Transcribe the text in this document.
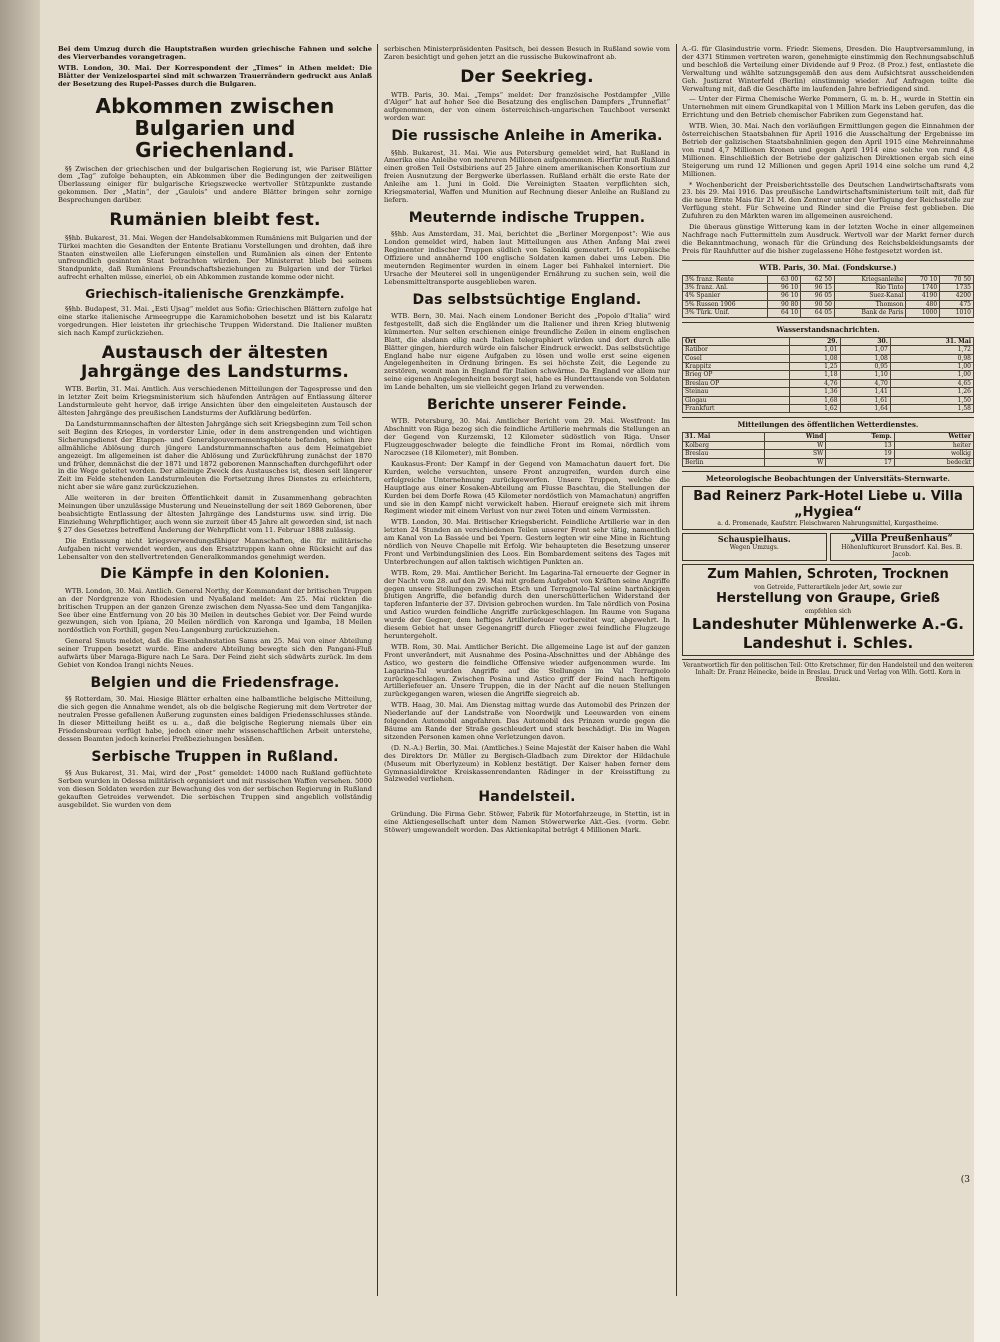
Bei dem Umzug durch die Hauptstraßen wurden griechische Fahnen und solche des Vierverbandes vorangetragen.

WTB. London, 30. Mai. Der Korrespondent der „Times“ in Athen meldet: Die Blätter der Venizelospartei sind mit schwarzen Trauerrändern gedruckt aus Anlaß der Besetzung des Rupel-Passes durch die Bulgaren.

Abkommen zwischen Bulgarien und Griechenland.

§§ Zwischen der griechischen und der bulgarischen Regierung ist, wie Pariser Blätter dem „Tag“ zufolge behaupten, ein Abkommen über die Bedingungen der zeitweiligen Überlassung einiger für bulgarische Kriegszwecke wertvoller Stützpunkte zustande gekommen. Der „Matin“, der „Gaulois“ und andere Blätter bringen sehr zornige Besprechungen darüber.

Rumänien bleibt fest.

§§hb. Bukarest, 31. Mai. Wegen der Handelsabkommen Rumäniens mit Bulgarien und der Türkei machten die Gesandten der Entente Bratianu Vorstellungen und drohten, daß ihre Staaten einstweilen alle Lieferungen einstellen und Rumänien als einen der Entente unfreundlich gesinnten Staat betrachten würden. Der Ministerrat blieb bei seinem Standpunkte, daß Rumäniens Freundschaftsbeziehungen zu Bulgarien und der Türkei aufrecht erhalten müsse, einerlei, ob ein Abkommen zustande komme oder nicht.

Griechisch-italienische Grenzkämpfe.

§§hb. Budapest, 31. Mai. „Esti Ujsag“ meldet aus Sofia: Griechischen Blättern zufolge hat eine starke italienische Armeegruppe die Karamichobohen besetzt und ist bis Kalaratz vorgedrungen. Hier leisteten ihr griechische Truppen Widerstand. Die Italiener mußten sich nach Kampf zurückziehen.

Austausch der ältesten Jahrgänge des Landsturms.

WTB. Berlin, 31. Mai. Amtlich. Aus verschiedenen Mitteilungen der Tagespresse und den in letzter Zeit beim Kriegsministerium sich häufenden Anträgen auf Entlassung älterer Landsturmleute geht hervor, daß irrige Ansichten über den eingeleiteten Austausch der ältesten Jahrgänge des preußischen Landsturms der Aufklärung bedürfen.

Da Landsturmmannschaften der ältesten Jahrgänge sich seit Kriegsbeginn zum Teil schon seit Beginn des Krieges, in vorderster Linie, oder in dem anstrengenden und wichtigen Sicherungsdienst der Etappen- und Generalgouvernementsgebiete befanden, schien ihre allmähliche Ablösung durch jüngere Landsturmmannschaften aus dem Heimatgebiet angezeigt. Im allgemeinen ist daher die Ablösung und Zurückführung zunächst der 1870 und früher, demnächst die der 1871 und 1872 geborenen Mannschaften durchgeführt oder in die Wege geleitet worden. Der alleinige Zweck des Austausches ist, diesen seit längerer Zeit im Felde stehenden Landsturmleuten die Fortsetzung ihres Dienstes zu erleichtern, nicht aber sie wäre ganz zurückzuziehen.

Alle weiteren in der breiten Öffentlichkeit damit in Zusammenhang gebrachten Meinungen über unzulässige Musterung und Neueinstellung der seit 1869 Geborenen, über beabsichtigte Entlassung der ältesten Jahrgänge des Landsturms usw. sind irrig. Die Einziehung Wehrpflichtiger, auch wenn sie zurzeit über 45 Jahre alt geworden sind, ist nach § 27 des Gesetzes betreffend Änderung der Wehrpflicht vom 11. Februar 1888 zulässig.

Die Entlassung nicht kriegsverwendungsfähiger Mannschaften, die für militärische Aufgaben nicht verwendet werden, aus den Ersatztruppen kann ohne Rücksicht auf das Lebensalter von den stellvertretenden Generalkommandos genehmigt werden.

Die Kämpfe in den Kolonien.

WTB. London, 30. Mai. Amtlich. General Northy, der Kommandant der britischen Truppen an der Nordgrenze von Rhodesien und Nyaßaland meldet: Am 25. Mai rückten die britischen Truppen an der ganzen Grenze zwischen dem Nyassa-See und dem Tanganjika-See über eine Entfernung von 20 bis 30 Meilen in deutsches Gebiet vor. Der Feind wurde gezwungen, sich von Ipiana, 20 Meilen nördlich von Karonga und Igamba, 18 Meilen nordöstlich von Forthill, gegen Neu-Langenburg zurückzuziehen.

General Smuts meldet, daß die Eisenbahnstation Sams am 25. Mai von einer Abteilung seiner Truppen besetzt wurde. Eine andere Abteilung bewegte sich den Pangani-Fluß aufwärts über Maraga-Bigure nach Le Sara. Der Feind zieht sich südwärts zurück. Im dem Gebiet von Kondoa Irangi nichts Neues.

Belgien und die Friedensfrage.

§§ Rotterdam, 30. Mai. Hiesige Blätter erhalten eine halbamtliche belgische Mitteilung, die sich gegen die Annahme wendet, als ob die belgische Regierung mit dem Vertreter der neutralen Presse gefallenen Äußerung zugunsten eines baldigen Friedensschlusses stände. In dieser Mitteilung heißt es u. a., daß die belgische Regierung niemals über ein Friedensbureau verfügt habe, jedoch einer mehr wissenschaftlichen Arbeit unterstehe, dessen Beamten jedoch keinerlei Preßbeziehungen besäßen.

Serbische Truppen in Rußland.

§§ Aus Bukarest, 31. Mai, wird der „Post“ gemeldet: 14000 nach Rußland geflüchtete Serben wurden in Odessa militärisch organisiert und mit russischen Waffen versehen. 5000 von diesen Soldaten werden zur Bewachung des von der serbischen Regierung in Rußland gekauften Getreides verwendet. Die serbischen Truppen sind angeblich vollständig ausgebildet. Sie wurden von dem

serbischen Ministerpräsidenten Pasitsch, bei dessen Besuch in Rußland sowie vom Zaren besichtigt und gehen jetzt an die russische Bukowinafront ab.

Der Seekrieg.

WTB. Paris, 30. Mai. „Temps“ meldet: Der französische Postdampfer „Ville d'Alger“ hat auf hoher See die Besatzung des englischen Dampfers „Trunnefiat“ aufgenommen, der von einem österreichisch-ungarischen Tauchboot versenkt worden war.

Die russische Anleihe in Amerika.

§§hb. Bukarest, 31. Mai. Wie aus Petersburg gemeldet wird, hat Rußland in Amerika eine Anleihe von mehreren Millionen aufgenommen. Hierfür muß Rußland einen großen Teil Ostsibiriens auf 25 Jahre einem amerikanischen Konsortium zur freien Ausnutzung der Bergwerke überlassen. Rußland erhält die erste Rate der Anleihe am 1. Juni in Gold. Die Vereinigten Staaten verpflichten sich, Kriegsmaterial, Waffen und Munition auf Rechnung dieser Anleihe an Rußland zu liefern.

Meuternde indische Truppen.

§§hb. Aus Amsterdam, 31. Mai, berichtet die „Berliner Morgenpost“: Wie aus London gemeldet wird, haben laut Mitteilungen aus Athen Anfang Mai zwei Regimenter indischer Truppen südlich von Saloniki gemeutert. 16 europäische Offiziere und annähernd 100 englische Soldaten kamen dabei ums Leben. Die meuternden Regimenter wurden in einem Lager bei Fahhakel interniert. Die Ursache der Meuterei soll in ungenügender Ernährung zu suchen sein, weil die Lebensmitteltransporte ausgeblieben waren.

Das selbstsüchtige England.

WTB. Bern, 30. Mai. Nach einem Londoner Bericht des „Popolo d'Italia“ wird festgestellt, daß sich die Engländer um die Italiener und ihren Krieg blutwenig kümmerten. Nur selten erschienen einige freundliche Zeilen in einem englischen Blatt, die alsdann eilig nach Italien telegraphiert würden und dort durch alle Blätter gingen, hierdurch würde ein falscher Eindruck erweckt. Das selbstsüchtige England habe nur eigene Aufgaben zu lösen und wolle erst seine eigenen Angelegenheiten in Ordnung bringen. Es sei höchste Zeit, die Legende zu zerstören, womit man in England für Italien schwärme. Da England vor allem nur seine eigenen Angelegenheiten besorgt sei, habe es Hunderttausende von Soldaten im Lande behalten, um sie vielleicht gegen Irland zu verwenden.

Berichte unserer Feinde.

WTB. Petersburg, 30. Mai. Amtlicher Bericht vom 29. Mai. Westfront: Im Abschnitt von Riga bezog sich die feindliche Artillerie mehrmals die Stellungen an der Gegend von Kurzemski, 12 Kilometer südöstlich von Riga. Unser Flugzeuggeschwader belegte die feindliche Front im Romai, nördlich vom Naroczsee (18 Kilometer), mit Bomben.

Kaukasus-Front: Der Kampf in der Gegend von Mamachatun dauert fort. Die Kurden, welche versuchten, unsere Front anzugreifen, wurden durch eine erfolgreiche Unternehmung zurückgeworfen. Unsere Truppen, welche die Hauptlage aus einer Kosaken-Abteilung am Flusse Baschtau, die Stellungen der Kurden bei dem Dorfe Rowa (45 Kilometer nordöstlich von Mamachatun) angriffen und sie in den Kampf nicht verwickelt haben. Hierauf ereignete sich mit ihrem Regiment wieder mit einem Verlust von nur zwei Toten und einem Vermissten.

WTB. London, 30. Mai. Britischer Kriegsbericht. Feindliche Artillerie war in den letzten 24 Stunden an verschiedenen Teilen unserer Front sehr tätig, namentlich am Kanal von La Bassée und bei Ypern. Gestern legten wir eine Mine in Richtung nördlich von Neuve Chapelle mit Erfolg. Wir behaupteten die Besetzung unserer Front und Verbindungslinien des Loos. Ein Bombardement seitens des Tages mit Unterbrechungen auf allen taktisch wichtigen Punkten an.

WTB. Rom, 29. Mai. Amtlicher Bericht. Im Lagarina-Tal erneuerte der Gegner in der Nacht vom 28. auf den 29. Mai mit großem Aufgebot von Kräften seine Angriffe gegen unsere Stellungen zwischen Etsch und Terragnolo-Tal seine hartnäckigen blutigen Angriffe, die befandig durch den unerschütterlichen Widerstand der tapferen Infanterie der 37. Division gebrochen wurden. Im Tale nördlich von Posina und Astico wurden feindliche Angriffe zurückgeschlagen. Im Raume von Sugana wurde der Gegner, dem heftiges Artilleriefeuer vorbereitet war, abgewehrt. In diesem Gebiet hat unser Gegenangriff durch Flieger zwei feindliche Flugzeuge heruntergeholt.

WTB. Rom, 30. Mai. Amtlicher Bericht. Die allgemeine Lage ist auf der ganzen Front unverändert, mit Ausnahme des Posina-Abschnittes und der Abhänge des Astico, wo gestern die feindliche Offensive wieder aufgenommen wurde. Im Lagarina-Tal wurden Angriffe auf die Stellungen im Val Terragnolo zurückgeschlagen. Zwischen Posina und Astico griff der Feind nach heftigem Artilleriefeuer an. Unsere Truppen, die in der Nacht auf die neuen Stellungen zurückgegangen waren, wiesen die Angriffe siegreich ab.

WTB. Haag, 30. Mai. Am Dienstag mittag wurde das Automobil des Prinzen der Niederlande auf der Landstraße von Noordwijk und Leeuwarden von einem folgenden Automobil angefahren. Das Automobil des Prinzen wurde gegen die Bäume am Rande der Straße geschleudert und stark beschädigt. Die im Wagen sitzenden Personen kamen ohne Verletzungen davon.

(D. N.-A.) Berlin, 30. Mai. (Amtliches.) Seine Majestät der Kaiser haben die Wahl des Direktors Dr. Müller zu Bergisch-Gladbach zum Direktor der Hildachule (Museum mit Oberlyzeum) in Koblenz bestätigt. Der Kaiser haben ferner dem Gymnasialdirektor Kreiskassenrendanten Rädinger in der Kreisstiftung zu Salzwedel verliehen.

Handelsteil.

Gründung. Die Firma Gebr. Stöwer, Fabrik für Motorfahrzeuge, in Stettin, ist in eine Aktiengesellschaft unter dem Namen Stöwerwerke Akt.-Ges. (vorm. Gebr. Stöwer) umgewandelt worden. Das Aktienkapital beträgt 4 Millionen Mark.

A.-G. für Glasindustrie vorm. Friedr. Siemens, Dresden. Die Hauptversammlung, in der 4371 Stimmen vertreten waren, genehmigte einstimmig den Rechnungsabschluß und beschloß die Verteilung einer Dividende auf 9 Proz. (8 Proz.) fest, entlastete die Verwaltung und wählte satzungsgemäß den aus dem Aufsichtsrat ausscheidenden Geh. Justizrat Winterfeld (Berlin) einstimmig wieder. Auf Anfragen teilte die Verwaltung mit, daß die Geschäfte im laufenden Jahre befriedigend sind.

— Unter der Firma Chemische Werke Pommern, G. m. b. H., wurde in Stettin ein Unternehmen mit einem Grundkapital von 1 Million Mark ins Leben gerufen, das die Errichtung und den Betrieb chemischer Fabriken zum Gegenstand hat.

WTB. Wien, 30. Mai. Nach den vorläufigen Ermittlungen gegen die Einnahmen der österreichischen Staatsbahnen für April 1916 die Ausschaltung der Ergebnisse im Betrieb der galizischen Staatsbahnlinien gegen den April 1915 eine Mehreinnahme von rund 4,7 Millionen Kronen und gegen April 1914 eine solche von rund 4,8 Millionen. Einschließlich der Betriebe der galizischen Direktionen ergab sich eine Steigerung um rund 12 Millionen und gegen April 1914 eine solche um rund 4,2 Millionen.

* Wochenbericht der Preisberichtsstelle des Deutschen Landwirtschaftsrats vom 23. bis 29. Mai 1916. Das preußische Landwirtschaftsministerium teilt mit, daß für die neue Ernte Mais für 21 M. den Zentner unter der Verfügung der Reichsstelle zur Verfügung steht. Für Schweine und Rinder sind die Preise fest geblieben. Die Zufuhren zu den Märkten waren im allgemeinen ausreichend.

Die überaus günstige Witterung kam in der letzten Woche in einer allgemeinen Nachfrage nach Futtermitteln zum Ausdruck. Wertvoll war der Markt ferner durch die Bekanntmachung, wonach für die Gründung des Reichsbekleidungsamts der Preis für Rauhfutter auf die bisher zugelassene Höhe festgesetzt worden ist.

WTB. Paris, 30. Mai. (Fondskurse.)
3% franz. Rente	63 00	62 50	Kriegsanleihe	70 10	70 50
3% franz. Anl.	96 10	96 15	Rio Tinto	1740	1735
4% Spanier	96 10	96 05	Suez-Kanal	4190	4200
5% Russen 1906	90 80	90 50	Thomson	480	475
3% Türk. Unif.	64 10	64 05	Bank de Paris	1000	1010
Wasserstandsnachrichten.
Ort	29.	30.	31. Mai
Ratibor	1,01	1,07	1,72
Cosel	1,08	1,08	0,98
Krappitz	1,25	0,95	1,00
Brieg OP	1,18	1,10	1,00
Breslau OP	4,76	4,70	4,65
Steinau	1,36	1,41	1,26
Glogau	1,68	1,61	1,50
Frankfurt	1,62	1,64	1,58
Mitteilungen des öffentlichen Wetterdienstes.
31. Mai	Wind	Temp.	Wetter
Kolberg	W	13	heiter
Breslau	SW	19	wolkig
Berlin	W	17	bedeckt
Meteorologische Beobachtungen der Universitäts-Sternwarte.
Bad Reinerz Park-Hotel Liebe u. Villa „Hygiea“
a. d. Promenade, Kaufstrr. Fleischwaren Nahrungsmittel, Kurgastheime.
Schauspielhaus.
Wegen Umzugs.
„Villa Preußenhaus“
Höhenluftkurort Brunsdorf. Kal. Bes. B. Jacob.
Zum Mahlen, Schroten, Trocknen
von Getreide, Futterartikeln jeder Art, sowie zur
Herstellung von Graupe, Grieß
empfehlen sich
Landeshuter Mühlenwerke A.-G.
Landeshut i. Schles.
Verantwortlich für den politischen Teil: Otto Kretschmer, für den Handelsteil und den weiteren Inhalt: Dr. Franz Heinecke, beide in Breslau. Druck und Verlag von Wilh. Gottl. Korn in Breslau.
(3
